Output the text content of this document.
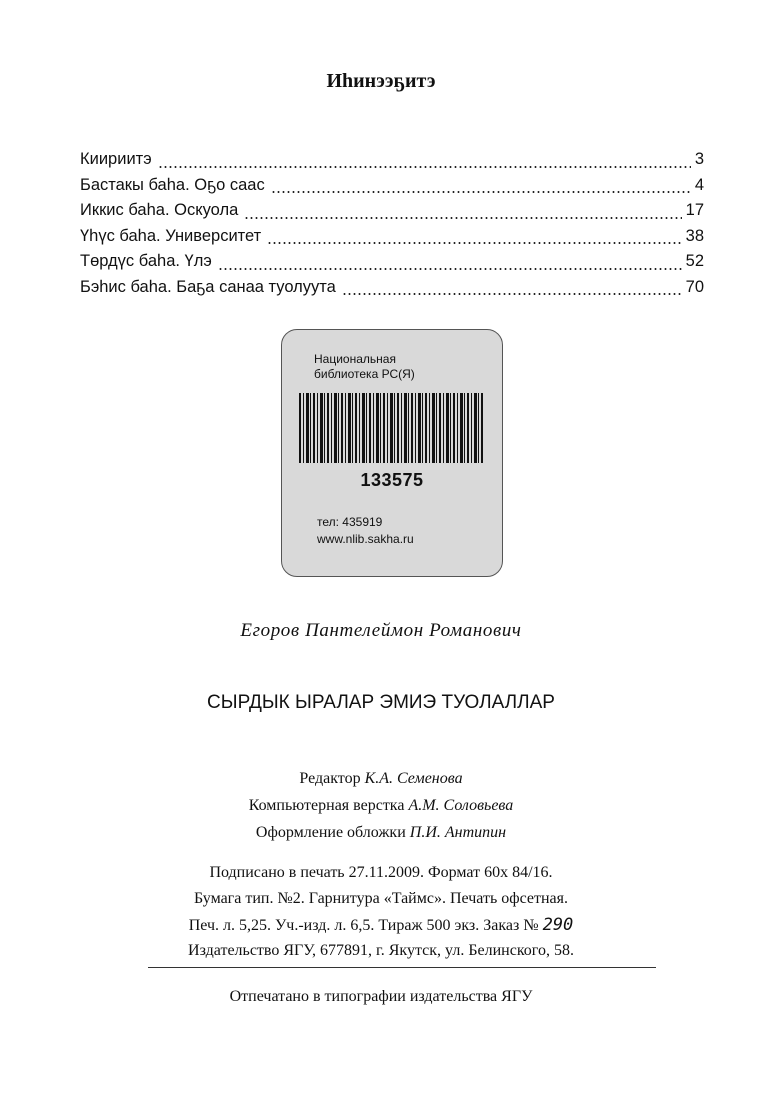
Иһинээҕитэ
Киириитэ	3
Бастакы баһа. Оҕо саас	4
Иккис баһа. Оскуола	17
Үһүс баһа. Университет	38
Төрдүс баһа. Үлэ	52
Бэһис баһа. Баҕа санаа туолуута	70
Национальная
библиотека РС(Я)
133575
тел: 435919
www.nlib.sakha.ru
Егоров Пантелеймон Романович
СЫРДЫК ЫРАЛАР ЭМИЭ ТУОЛАЛЛАР
Редактор К.А. Семенова
Компьютерная верстка А.М. Соловьева
Оформление обложки П.И. Антипин
Подписано в печать 27.11.2009. Формат 60х 84/16.
Бумага тип. №2. Гарнитура «Таймс». Печать офсетная.
Печ. л. 5,25. Уч.-изд. л. 6,5. Тираж 500 экз. Заказ № 290
Издательство ЯГУ, 677891, г. Якутск, ул. Белинского, 58.
Отпечатано в типографии издательства ЯГУ
